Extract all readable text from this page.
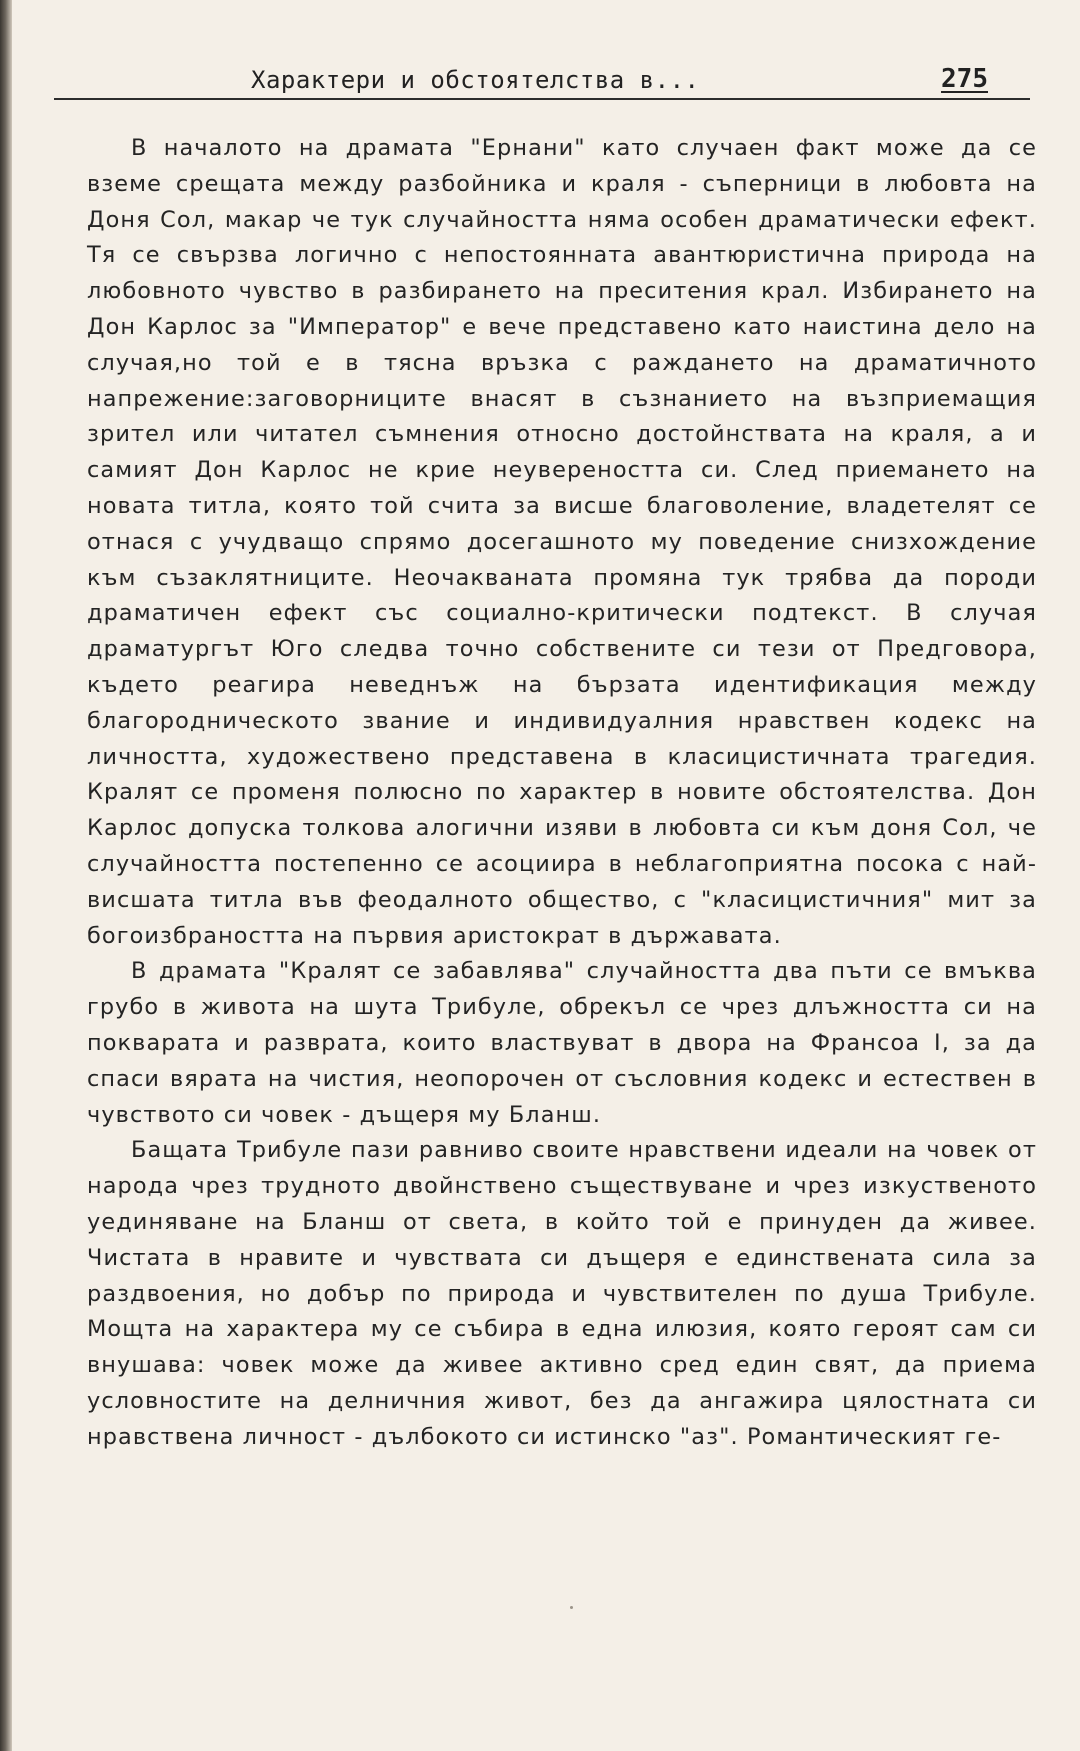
Характери и обстоятелства в...	275

В началото на драмата "Ернани" като случаен факт може да се вземе срещата между разбойника и краля - съперници в любовта на Доня Сол, макар че тук случайността няма особен драматически ефект. Тя се свързва логично с непостоянната авантюристична природа на любовното чувство в разбирането на преситения крал. Избирането на Дон Карлос за "Император" е вече представено като наистина дело на случая,но той е в тясна връзка с раждането на драматичното напрежение:заговорниците внасят в съзнанието на възприемащия зрител или читател съмнения относно достойнствата на краля, а и самият Дон Карлос не крие неувереността си. След приемането на новата титла, която той счита за висше благоволение, владетелят се отнася с учудващо спрямо досегашното му поведение снизхождение към съзаклятниците. Неочакваната промяна тук трябва да породи драматичен ефект със социално-критически подтекст. В случая драматургът Юго следва точно собствените си тези от Предговора, където реагира неведнъж на бързата идентификация между благородническото звание и индивидуалния нравствен кодекс на личността, художествено представена в класицистичната трагедия. Кралят се променя полюсно по характер в новите обстоятелства. Дон Карлос допуска толкова алогични изяви в любовта си към доня Сол, че случайността постепенно се асоциира в неблагоприятна посока с най-висшата титла във феодалното общество, с "класицистичния" мит за богоизбраността на първия аристократ в държавата.

В драмата "Кралят се забавлява" случайността два пъти се вмъква грубо в живота на шута Трибуле, обрекъл се чрез длъжността си на покварата и разврата, които властвуват в двора на Франсоа I, за да спаси вярата на чистия, неопорочен от съсловния кодекс и естествен в чувството си човек - дъщеря му Бланш.

Бащата Трибуле пази равниво своите нравствени идеали на човек от народа чрез трудното двойнствено съществуване и чрез изкуственото уединяване на Бланш от света, в който той е принуден да живее. Чистата в нравите и чувствата си дъщеря е единствената сила за раздвоения, но добър по природа и чувствителен по душа Трибуле. Мощта на характера му се събира в една илюзия, която героят сам си внушава: човек може да живее активно сред един свят, да приема условностите на делничния живот, без да ангажира цялостната си нравствена личност - дълбокото си истинско "аз". Романтическият ге-
